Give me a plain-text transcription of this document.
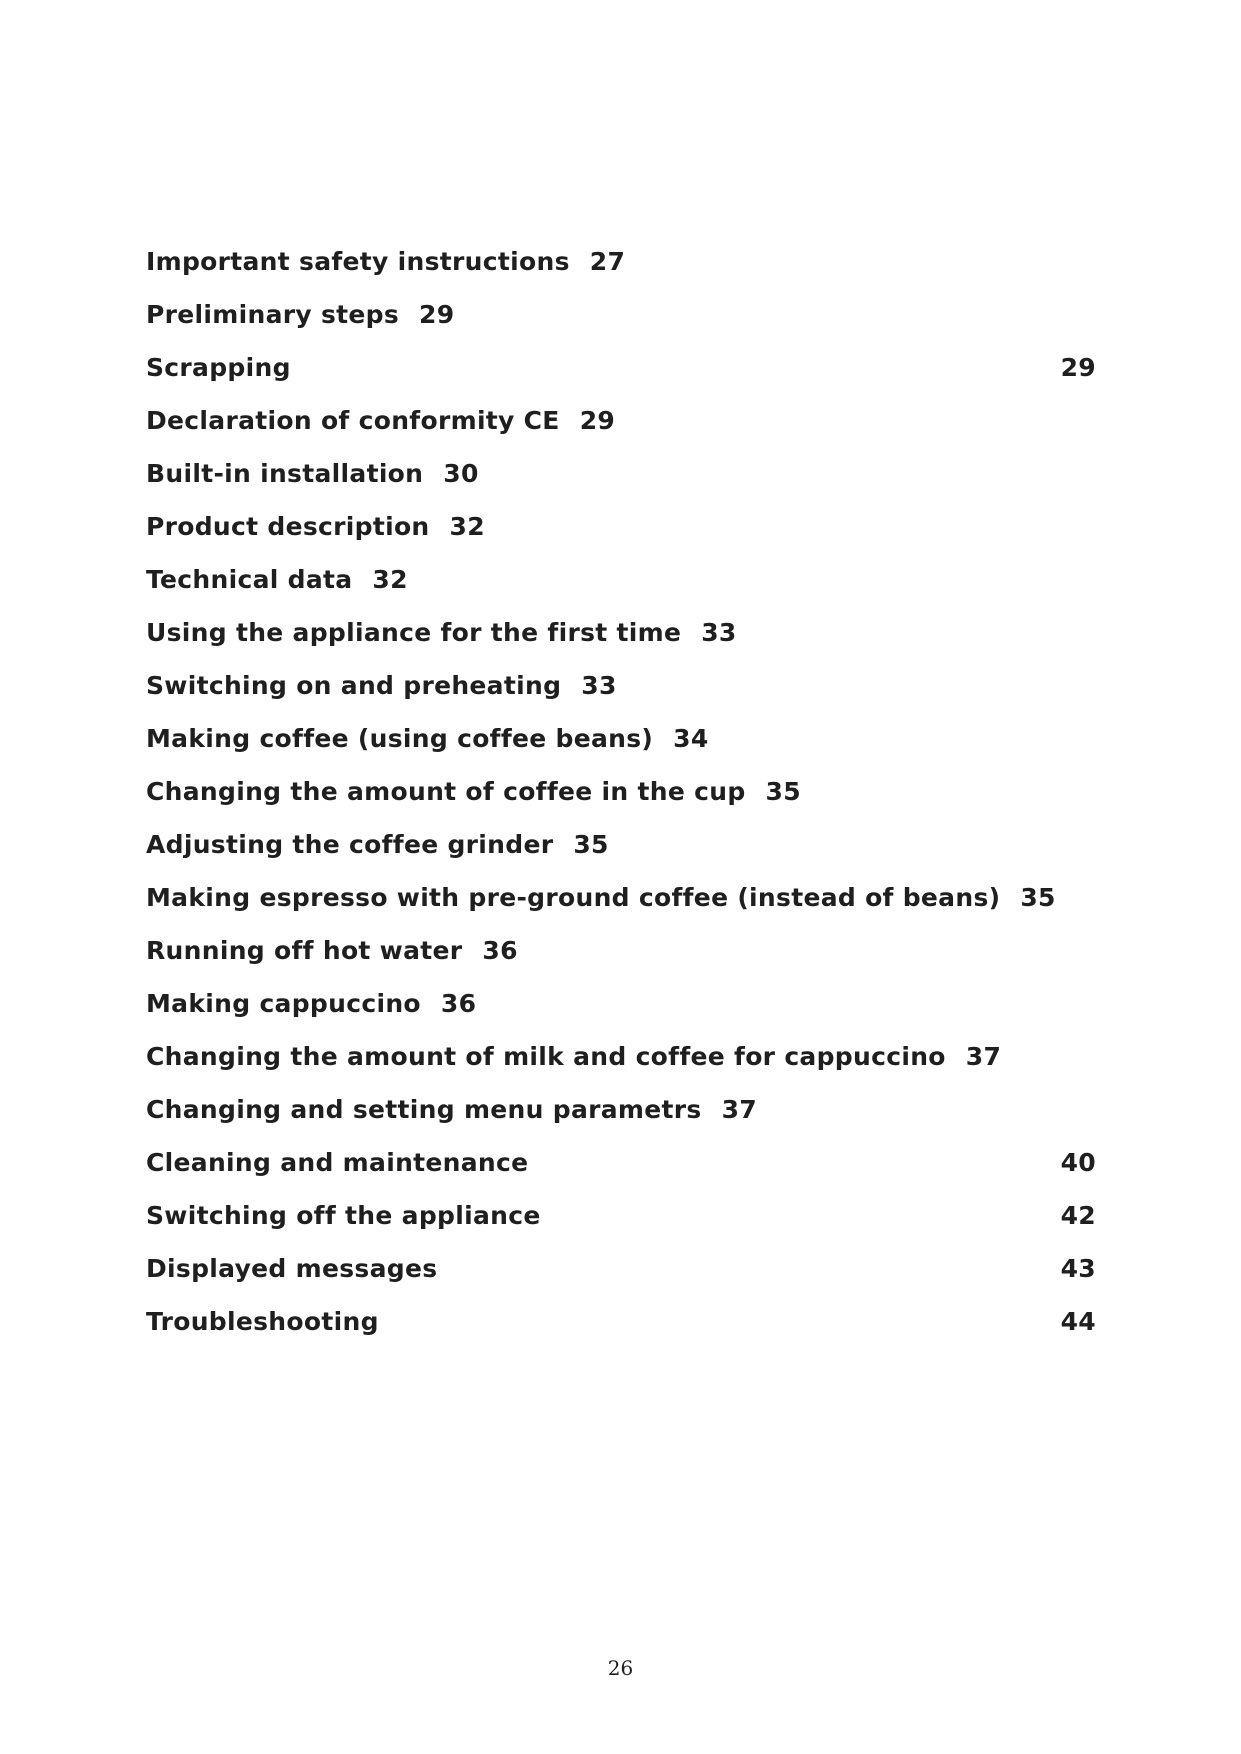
Important safety instructions 27
Preliminary steps 29
Scrapping	29
Declaration of conformity CE 29
Built-in installation 30
Product description 32
Technical data 32
Using the appliance for the first time 33
Switching on and preheating 33
Making coffee (using coffee beans) 34
Changing the amount of coffee in the cup 35
Adjusting the coffee grinder 35
Making espresso with pre-ground coffee (instead of beans) 35
Running off hot water 36
Making cappuccino 36
Changing the amount of milk and coffee for cappuccino 37
Changing and setting menu parametrs 37
Cleaning and maintenance	40
Switching off the appliance	42
Displayed messages	43
Troubleshooting	44
26
